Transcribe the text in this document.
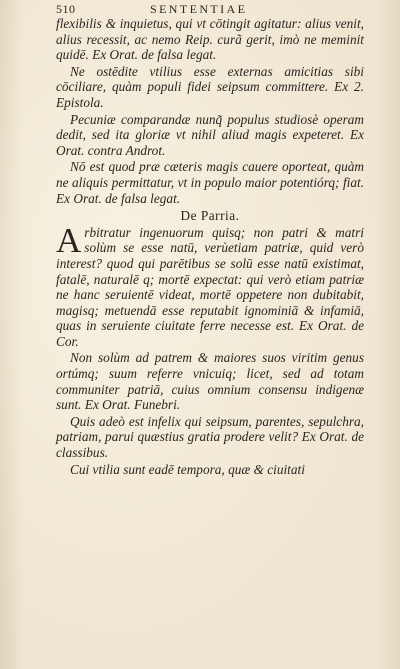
510	SENTENTIAE

flexibilis & inquietus, qui vt cōtingit agitatur: alius venit, alius recessit, ac nemo Reip. curã gerit, imò ne meminit quidē. Ex Orat. de falsa legat.

Ne ostēdite vtilius esse externas amicitias sibi cōciliare, quàm populi fidei seipsum committere. Ex 2. Epistola.

Pecuniæ comparandæ nunq̃ populus studiosè operam dedit, sed ita gloriæ vt nihil aliud magis expeteret. Ex Orat. contra Androt.

Nō est quod præ cæteris magis cauere oporteat, quàm ne aliquis permittatur, vt in populo maior potentiórq; fiat. Ex Orat. de falsa legat.

De Parria.

Arbitratur ingenuorum quisq; non patri & matri solùm se esse natū, verùetiam patriæ, quid verò interest? quod qui parētibus se solū esse natū existimat, fatalē, naturalē q; mortē expectat: qui verò etiam patriæ ne hanc seruientē videat, mortē oppetere non dubitabit, magisq; metuendā esse reputabit ignominiā & infamiā, quas in seruiente ciuitate ferre necesse est. Ex Orat. de Cor.

Non solùm ad patrem & maiores suos viritim genus ortúmq; suum referre vnicuiq; licet, sed ad totam communiter patriā, cuius omnium consensu indigenæ sunt. Ex Orat. Funebri.

Quis adeò est infelix qui seipsum, parentes, sepulchra, patriam, parui quæstius gratia prodere velit? Ex Orat. de classibus.

Cui vtilia sunt eadē tempora, quæ & ciuitati
